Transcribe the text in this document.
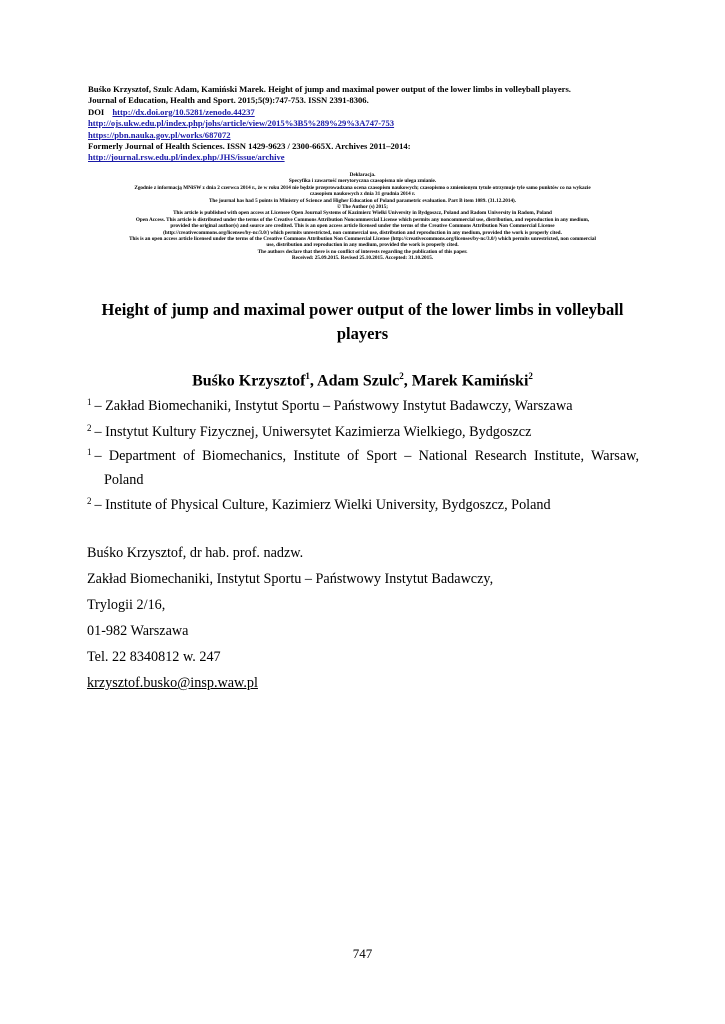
Buśko Krzysztof, Szulc Adam, Kamiński Marek. Height of jump and maximal power output of the lower limbs in volleyball players.
Journal of Education, Health and Sport. 2015;5(9):747-753. ISSN 2391-8306.
DOI http://dx.doi.org/10.5281/zenodo.44237
http://ojs.ukw.edu.pl/index.php/johs/article/view/2015%3B5%289%29%3A747-753
https://pbn.nauka.gov.pl/works/687072
Formerly Journal of Health Sciences. ISSN 1429-9623 / 2300-665X. Archives 2011–2014:
http://journal.rsw.edu.pl/index.php/JHS/issue/archive
Deklaracja.
Specyfika i zawartość merytoryczna czasopisma nie ulega zmianie.
Zgodnie z informacją MNiSW z dnia 2 czerwca 2014 r., że w roku 2014 nie będzie przeprowadzana ocena czasopism naukowych; czasopismo o zmienionym tytule otrzymuje tyle samo punktów co na wykazie
czasopism naukowych z dnia 31 grudnia 2014 r.
The journal has had 5 points in Ministry of Science and Higher Education of Poland parametric evaluation. Part B item 1089. (31.12.2014).
© The Author (s) 2015;
This article is published with open access at Licensee Open Journal Systems of Kazimierz Wielki University in Bydgoszcz, Poland and Radom University in Radom, Poland
Open Access. This article is distributed under the terms of the Creative Commons Attribution Noncommercial License which permits any noncommercial use, distribution, and reproduction in any medium,
provided the original author(s) and source are credited. This is an open access article licensed under the terms of the Creative Commons Attribution Non Commercial License
(http://creativecommons.org/licenses/by-nc/3.0/) which permits unrestricted, non commercial use, distribution and reproduction in any medium, provided the work is properly cited.
This is an open access article licensed under the terms of the Creative Commons Attribution Non Commercial License (http://creativecommons.org/licenses/by-nc/3.0/) which permits unrestricted, non commercial
use, distribution and reproduction in any medium, provided the work is properly cited.
The authors declare that there is no conflict of interests regarding the publication of this paper.
Received: 25.09.2015. Revised 25.10.2015. Accepted: 31.10.2015.
Height of jump and maximal power output of the lower limbs in volleyball
players
Buśko Krzysztof$^1$, Adam Szulc$^2$, Marek Kamiński$^2$
$^1$ – Zakład Biomechaniki, Instytut Sportu – Państwowy Instytut Badawczy, Warszawa
$^2$ – Instytut Kultury Fizycznej, Uniwersytet Kazimierza Wielkiego, Bydgoszcz
$^1$ – Department of Biomechanics, Institute of Sport – National Research Institute, Warsaw,
Poland
$^2$ – Institute of Physical Culture, Kazimierz Wielki University, Bydgoszcz, Poland
Buśko Krzysztof, dr hab. prof. nadzw.
Zakład Biomechaniki, Instytut Sportu – Państwowy Instytut Badawczy,
Trylogii 2/16,
01-982 Warszawa
Tel. 22 8340812 w. 247
krzysztof.busko@insp.waw.pl
747
